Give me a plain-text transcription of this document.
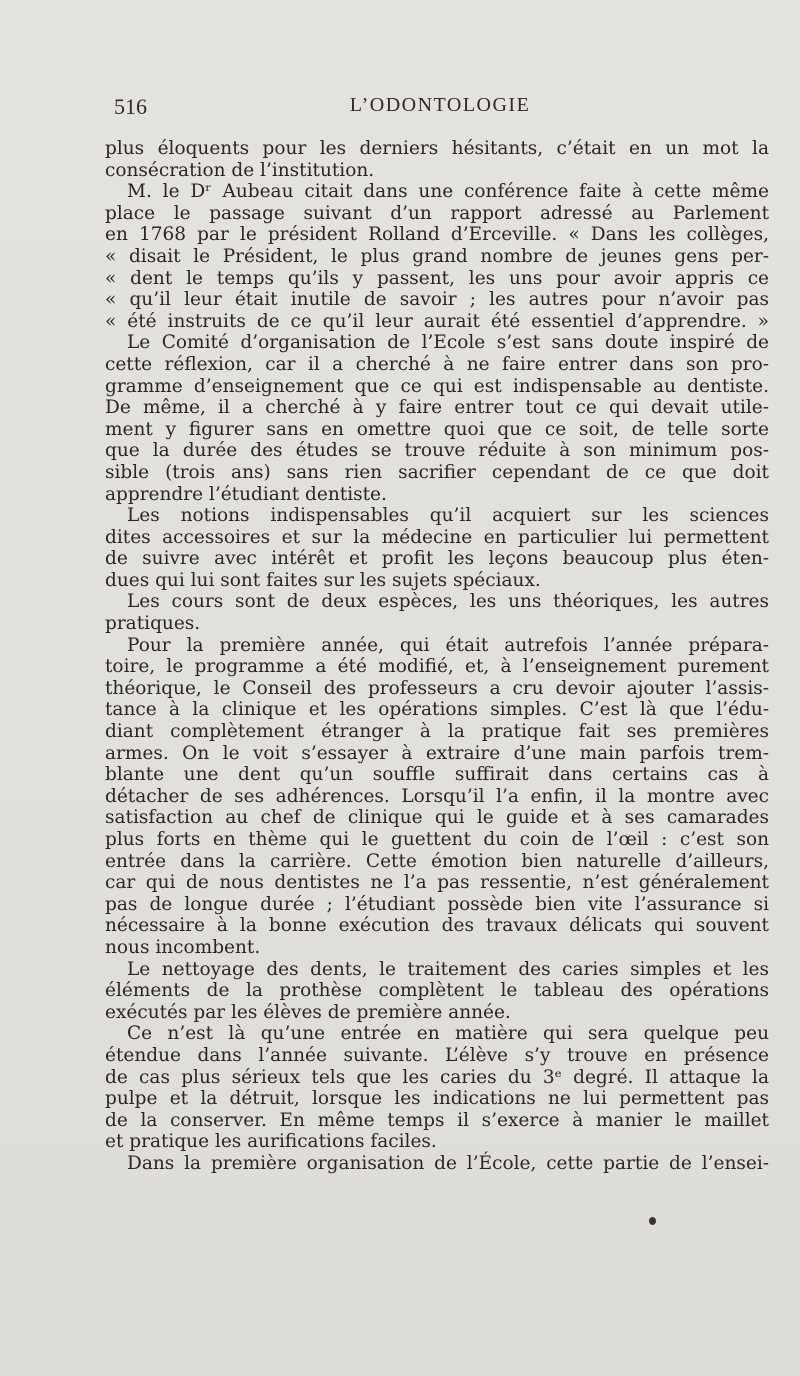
516	L’ODONTOLOGIE
plus éloquents pour les derniers hésitants, c’était en un mot la
consécration de l’institution.
M. le Dʳ Aubeau citait dans une conférence faite à cette même
place le passage suivant d’un rapport adressé au Parlement
en 1768 par le président Rolland d’Erceville. « Dans les collèges,
« disait le Président, le plus grand nombre de jeunes gens per-
« dent le temps qu’ils y passent, les uns pour avoir appris ce
« qu’il leur était inutile de savoir ; les autres pour n’avoir pas
« été instruits de ce qu’il leur aurait été essentiel d’apprendre. »
Le Comité d’organisation de l’Ecole s’est sans doute inspiré de
cette réflexion, car il a cherché à ne faire entrer dans son pro-
gramme d’enseignement que ce qui est indispensable au dentiste.
De même, il a cherché à y faire entrer tout ce qui devait utile-
ment y figurer sans en omettre quoi que ce soit, de telle sorte
que la durée des études se trouve réduite à son minimum pos-
sible (trois ans) sans rien sacrifier cependant de ce que doit
apprendre l’étudiant dentiste.
Les notions indispensables qu’il acquiert sur les sciences
dites accessoires et sur la médecine en particulier lui permettent
de suivre avec intérêt et profit les leçons beaucoup plus éten-
dues qui lui sont faites sur les sujets spéciaux.
Les cours sont de deux espèces, les uns théoriques, les autres
pratiques.
Pour la première année, qui était autrefois l’année prépara-
toire, le programme a été modifié, et, à l’enseignement purement
théorique, le Conseil des professeurs a cru devoir ajouter l’assis-
tance à la clinique et les opérations simples. C’est là que l’édu-
diant complètement étranger à la pratique fait ses premières
armes. On le voit s’essayer à extraire d’une main parfois trem-
blante une dent qu’un souffle suffirait dans certains cas à
détacher de ses adhérences. Lorsqu’il l’a enfin, il la montre avec
satisfaction au chef de clinique qui le guide et à ses camarades
plus forts en thème qui le guettent du coin de l’œil : c’est son
entrée dans la carrière. Cette émotion bien naturelle d’ailleurs,
car qui de nous dentistes ne l’a pas ressentie, n’est généralement
pas de longue durée ; l’étudiant possède bien vite l’assurance si
nécessaire à la bonne exécution des travaux délicats qui souvent
nous incombent.
Le nettoyage des dents, le traitement des caries simples et les
éléments de la prothèse complètent le tableau des opérations
exécutés par les élèves de première année.
Ce n’est là qu’une entrée en matière qui sera quelque peu
étendue dans l’année suivante. L’élève s’y trouve en présence
de cas plus sérieux tels que les caries du 3ᵉ degré. Il attaque la
pulpe et la détruit, lorsque les indications ne lui permettent pas
de la conserver. En même temps il s’exerce à manier le maillet
et pratique les aurifications faciles.
Dans la première organisation de l’École, cette partie de l’ensei-
